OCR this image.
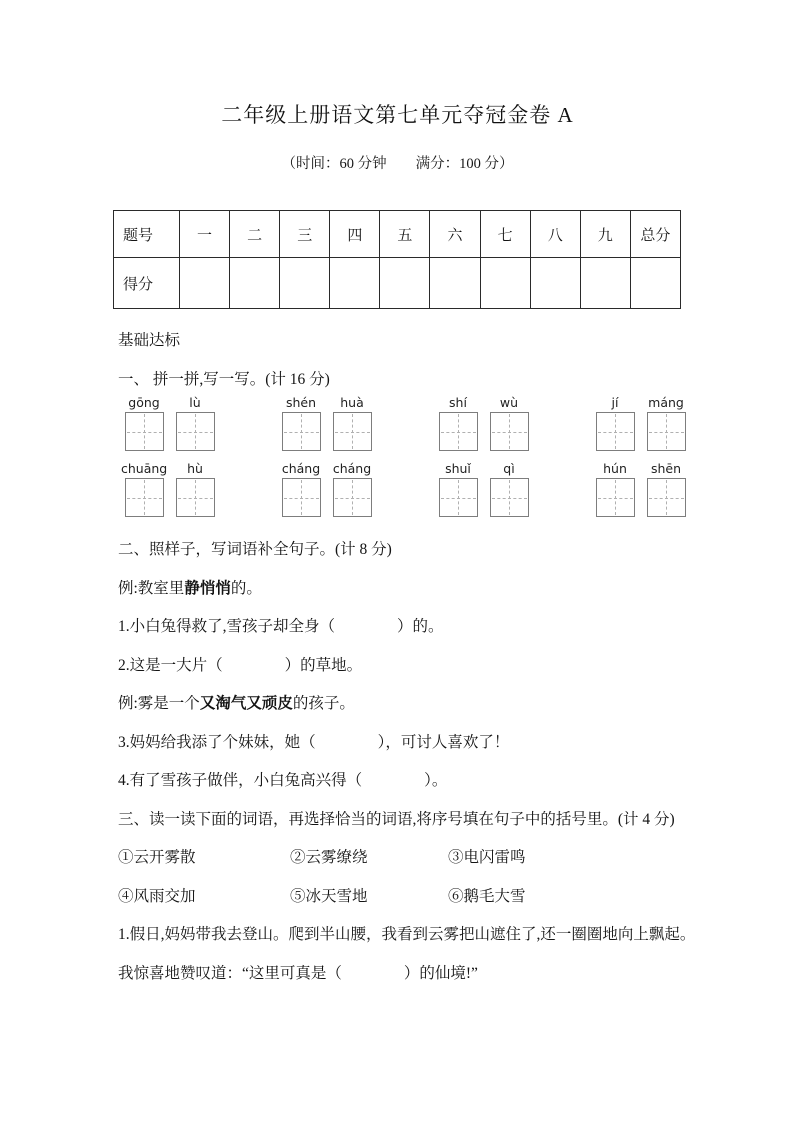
二年级上册语文第七单元夺冠金卷 A
（时间：60 分钟　　满分：100 分）
题号	一	二	三	四	五	六	七	八	九	总分
得分										

基础达标

一、 拼一拼,写一写。(计 16 分)

gōng	lù	shén	huà	shí	wù	jí	máng
chuāng	hù	cháng	cháng	shuǐ	qì	hún	shēn

二、照样子，写词语补全句子。(计 8 分)

例:教室里静悄悄的。

1.小白兔得救了,雪孩子却全身（　　　　）的。

2.这是一大片（　　　　）的草地。

例:雾是一个又淘气又顽皮的孩子。

3.妈妈给我添了个妹妹，她（　　　　），可讨人喜欢了！

4.有了雪孩子做伴，小白兔高兴得（　　　　）。

三、读一读下面的词语，再选择恰当的词语,将序号填在句子中的括号里。(计 4 分)

①云开雾散	②云雾缭绕	③电闪雷鸣
④风雨交加	⑤冰天雪地	⑥鹅毛大雪

1.假日,妈妈带我去登山。爬到半山腰，我看到云雾把山遮住了,还一圈圈地向上飘起。我惊喜地赞叹道：“这里可真是（　　　　）的仙境!”
